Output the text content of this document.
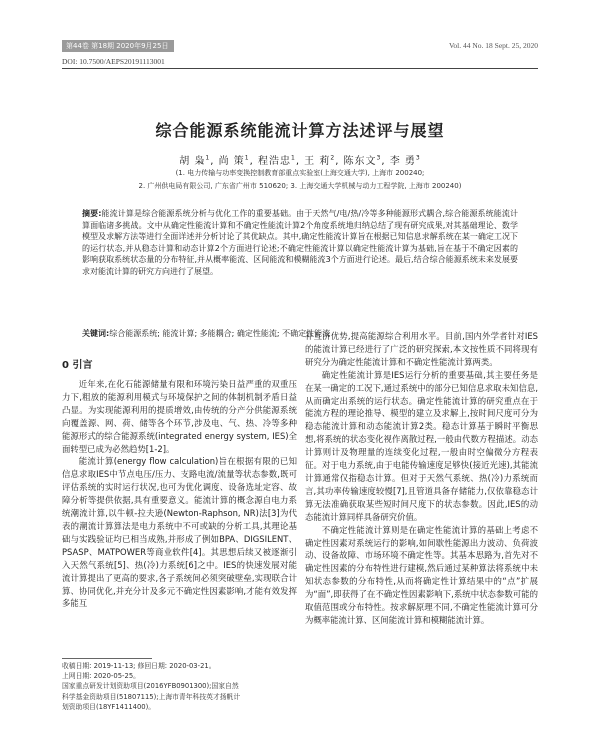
第44卷 第18期 2020年9月25日	Vol. 44 No. 18 Sept. 25, 2020
DOI: 10.7500/AEPS20191113001
综合能源系统能流计算方法述评与展望
胡 枭$^1$, 尚 策$^1$, 程浩忠$^1$, 王 莉$^2$, 陈东文$^3$, 李 勇$^3$
(1. 电力传输与功率变换控制教育部重点实验室(上海交通大学), 上海市 200240;
2. 广州供电局有限公司, 广东省广州市 510620; 3. 上海交通大学机械与动力工程学院, 上海市 200240)
摘要:能流计算是综合能源系统分析与优化工作的重要基础。由于天然气/电/热/冷等多种能源形式耦合,综合能源系统能流计算面临诸多挑战。文中从确定性能流计算和不确定性能流计算2个角度系统地归纳总结了现有研究成果,对其基础理论、数学模型及求解方法等进行全面详述并分析讨论了其优缺点。其中,确定性能流计算旨在根据已知信息求解系统在某一确定工况下的运行状态,并从稳态计算和动态计算2个方面进行论述;不确定性能流计算以确定性能流计算为基础,旨在基于不确定因素的影响获取系统状态量的分布特征,并从概率能流、区间能流和模糊能流3个方面进行论述。最后,结合综合能源系统未来发展要求对能流计算的研究方向进行了展望。
关键词:综合能源系统; 能流计算; 多能耦合; 确定性能流; 不确定性能流
0 引言

近年来,在化石能源储量有限和环境污染日益严重的双重压力下,粗放的能源利用模式与环境保护之间的体制机制矛盾日益凸显。为实现能源利用的提质增效,由传统的分产分供能源系统向覆盖源、网、荷、储等各个环节,涉及电、气、热、冷等多种能源形式的综合能源系统(integrated energy system, IES)全面转型已成为必然趋势[1-2]。

能流计算(energy flow calculation)旨在根据有限的已知信息求取IES中节点电压/压力、支路电流/流量等状态参数,既可评估系统的实时运行状况,也可为优化调度、设备选址定容、故障分析等提供依据,具有重要意义。能流计算的概念源自电力系统潮流计算,以牛顿-拉夫逊(Newton-Raphson, NR)法[3]为代表的潮流计算算法是电力系统中不可或缺的分析工具,其理论基础与实践验证均已相当成熟,并形成了例如BPA、DIGSILENT、PSASP、MATPOWER等商业软件[4]。其思想后续又被逐渐引入天然气系统[5]、热(冷)力系统[6]之中。IES的快速发展对能流计算提出了更高的要求,各子系统间必须突破壁垒,实现联合计算、协同优化,并充分计及多元不确定性因素影响,才能有效发挥多能互

补互济优势,提高能源综合利用水平。目前,国内外学者针对IES的能流计算已经进行了广泛的研究探索,本文按性质不同将现有研究分为确定性能流计算和不确定性能流计算两类。

确定性能流计算是IES运行分析的重要基础,其主要任务是在某一确定的工况下,通过系统中的部分已知信息求取未知信息,从而确定出系统的运行状态。确定性能流计算的研究重点在于能流方程的理论推导、模型的建立及求解上,按时间尺度可分为稳态能流计算和动态能流计算2类。稳态计算基于瞬时平衡思想,将系统的状态变化视作离散过程,一般由代数方程描述。动态计算则计及物理量的连续变化过程,一般由时空偏微分方程表征。对于电力系统,由于电能传输速度足够快(接近光速),其能流计算通常仅指稳态计算。但对于天然气系统、热(冷)力系统而言,其功率传输速度较慢[7],且管道具备存储能力,仅依靠稳态计算无法准确获取某些短时间尺度下的状态参数。因此,IES的动态能流计算同样具备研究价值。

不确定性能流计算则是在确定性能流计算的基础上考虑不确定性因素对系统运行的影响,如间歇性能源出力波动、负荷波动、设备故障、市场环境不确定性等。其基本思路为,首先对不确定性因素的分布特性进行建模,然后通过某种算法将系统中未知状态参数的分布特性,从而将确定性计算结果中的“点”扩展为“面”,即获得了在不确定性因素影响下,系统中状态参数可能的取值范围或分布特性。按求解原理不同,不确定性能流计算可分为概率能流计算、区间能流计算和模糊能流计算。

收稿日期: 2019-11-13; 修回日期: 2020-03-21。
上网日期: 2020-05-25。
国家重点研发计划资助项目(2016YFB0901300);国家自然
科学基金资助项目(51807115);上海市青年科技英才扬帆计
划资助项目(18YF1411400)。
